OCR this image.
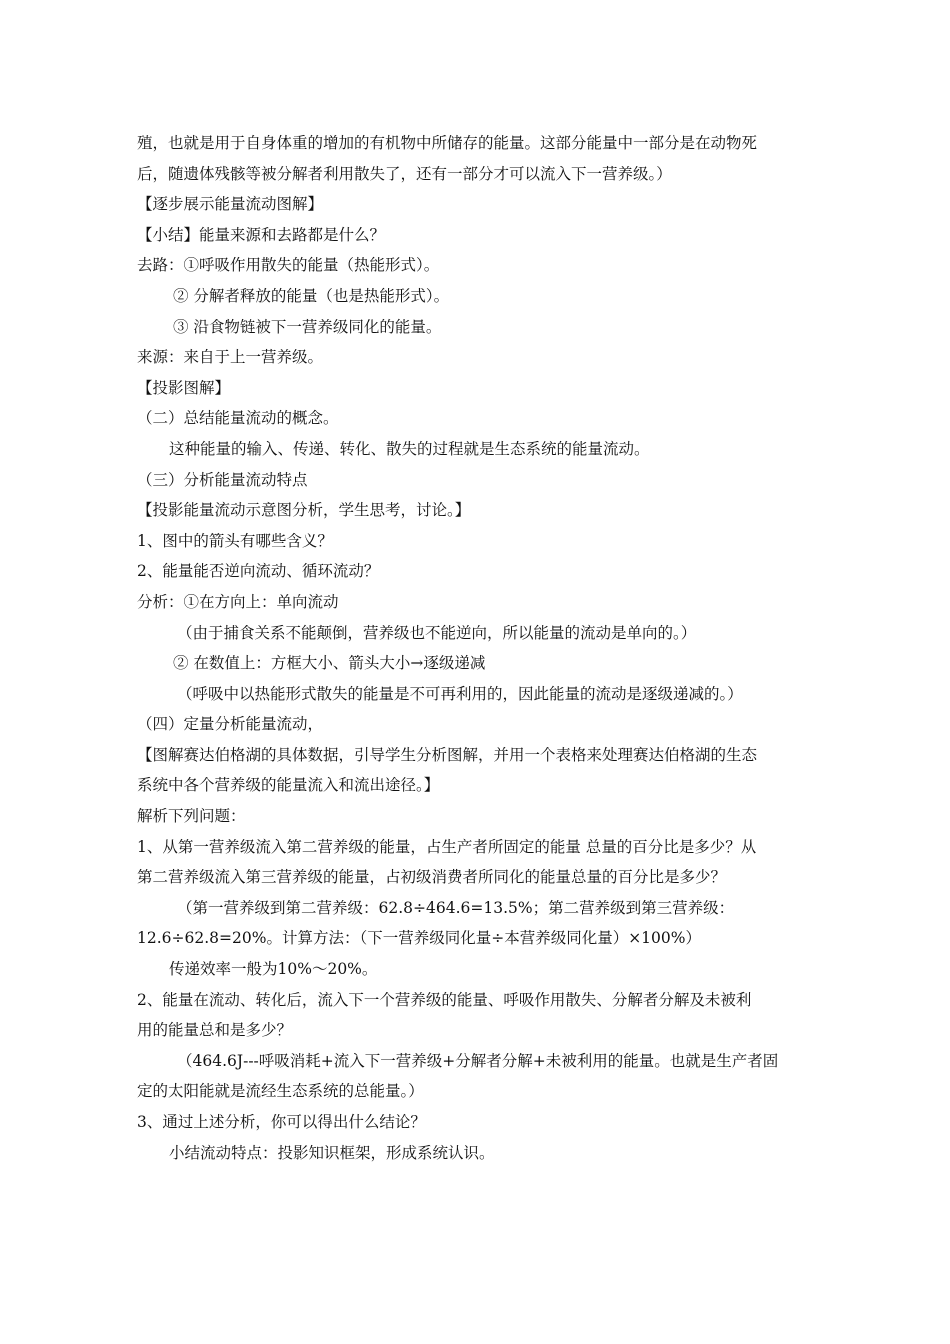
殖，也就是用于自身体重的增加的有机物中所储存的能量。这部分能量中一部分是在动物死
后，随遗体残骸等被分解者利用散失了，还有一部分才可以流入下一营养级。）
【逐步展示能量流动图解】
【小结】能量来源和去路都是什么？
去路：①呼吸作用散失的能量（热能形式）。
② 分解者释放的能量（也是热能形式）。
③ 沿食物链被下一营养级同化的能量。
来源：来自于上一营养级。
【投影图解】
（二）总结能量流动的概念。
这种能量的输入、传递、转化、散失的过程就是生态系统的能量流动。
（三）分析能量流动特点
【投影能量流动示意图分析，学生思考，讨论。】
1、图中的箭头有哪些含义？
2、能量能否逆向流动、循环流动？
分析：①在方向上：单向流动
（由于捕食关系不能颠倒，营养级也不能逆向，所以能量的流动是单向的。）
② 在数值上：方框大小、箭头大小→逐级递减
（呼吸中以热能形式散失的能量是不可再利用的，因此能量的流动是逐级递减的。）
（四）定量分析能量流动，
【图解赛达伯格湖的具体数据，引导学生分析图解，并用一个表格来处理赛达伯格湖的生态
系统中各个营养级的能量流入和流出途径。】
解析下列问题：
1、从第一营养级流入第二营养级的能量，占生产者所固定的能量 总量的百分比是多少？从
第二营养级流入第三营养级的能量，占初级消费者所同化的能量总量的百分比是多少？
（第一营养级到第二营养级：62.8÷464.6=13.5%；第二营养级到第三营养级：
12.6÷62.8=20%。计算方法：（下一营养级同化量÷本营养级同化量）×100%）
传递效率一般为10%～20%。
2、能量在流动、转化后，流入下一个营养级的能量、呼吸作用散失、分解者分解及未被利
用的能量总和是多少？
（464.6J---呼吸消耗+流入下一营养级+分解者分解+未被利用的能量。也就是生产者固
定的太阳能就是流经生态系统的总能量。）
3、通过上述分析，你可以得出什么结论？
小结流动特点：投影知识框架，形成系统认识。
